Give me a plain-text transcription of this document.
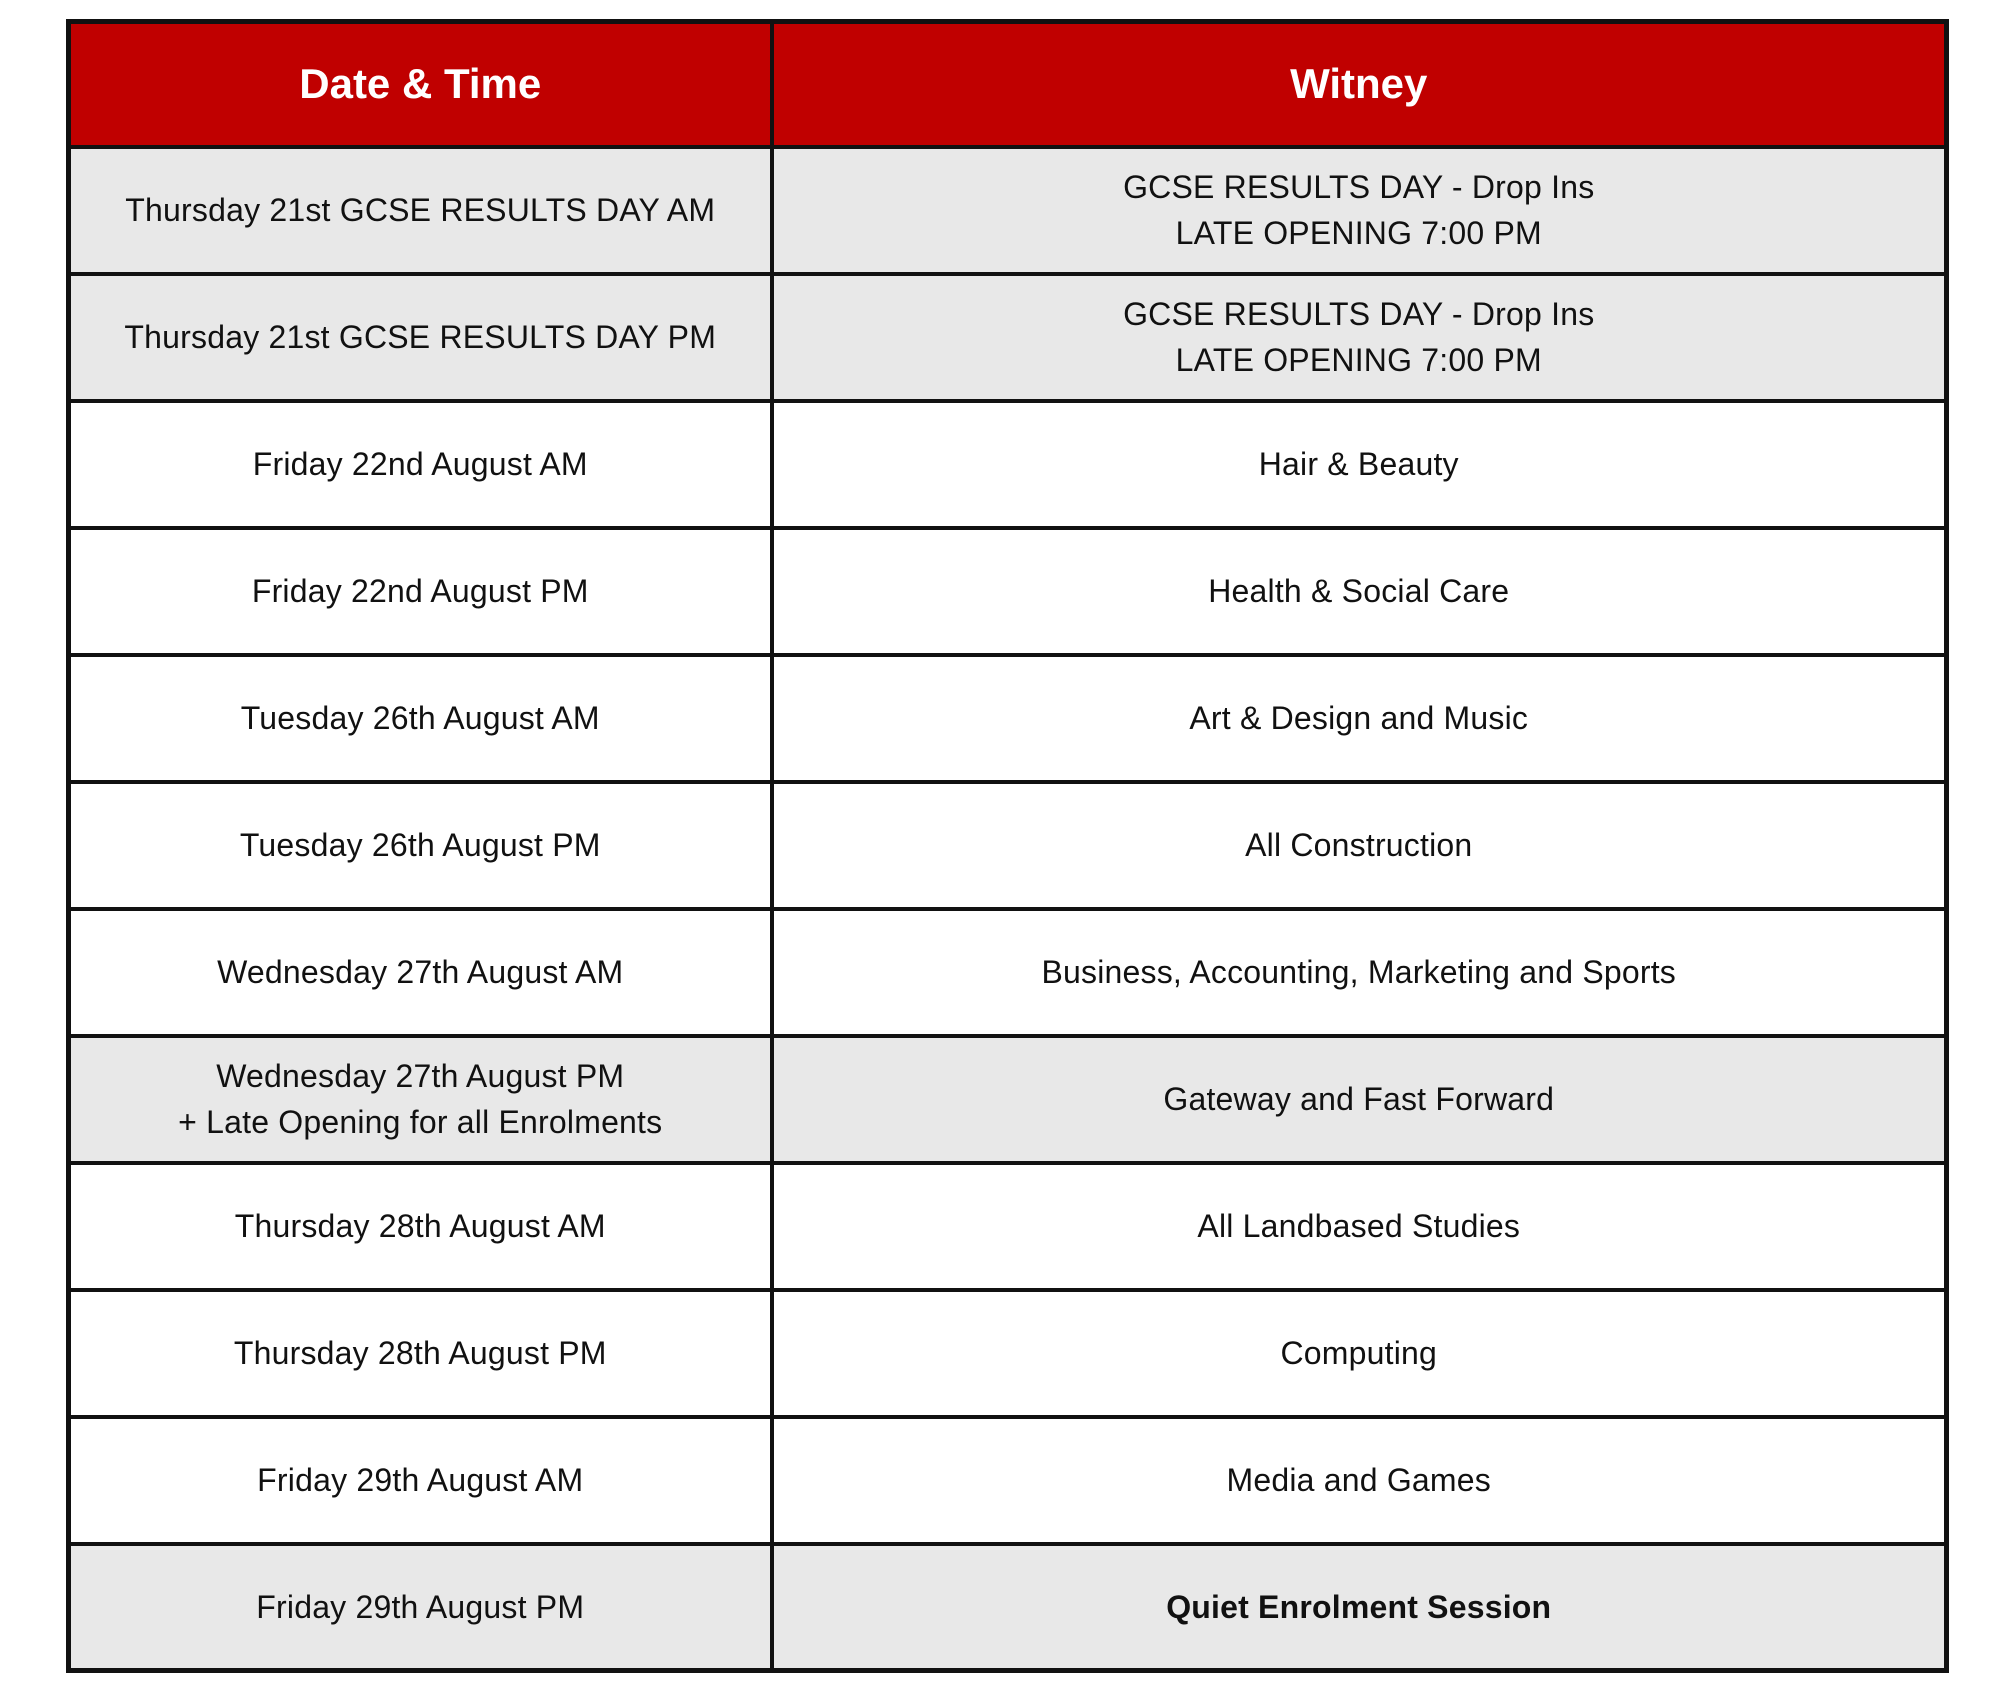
Date & Time	Witney

Thursday 21st GCSE RESULTS DAY AM	GCSE RESULTS DAY - Drop Ins
LATE OPENING 7:00 PM

Thursday 21st GCSE RESULTS DAY PM	GCSE RESULTS DAY - Drop Ins
LATE OPENING 7:00 PM

Friday 22nd August AM	Hair & Beauty

Friday 22nd August PM	Health & Social Care

Tuesday 26th August AM	Art & Design and Music

Tuesday 26th August PM	All Construction

Wednesday 27th August AM	Business, Accounting, Marketing and Sports

Wednesday 27th August PM
+ Late Opening for all Enrolments	Gateway and Fast Forward

Thursday 28th August AM	All Landbased Studies

Thursday 28th August PM	Computing

Friday 29th August AM	Media and Games

Friday 29th August PM	Quiet Enrolment Session
